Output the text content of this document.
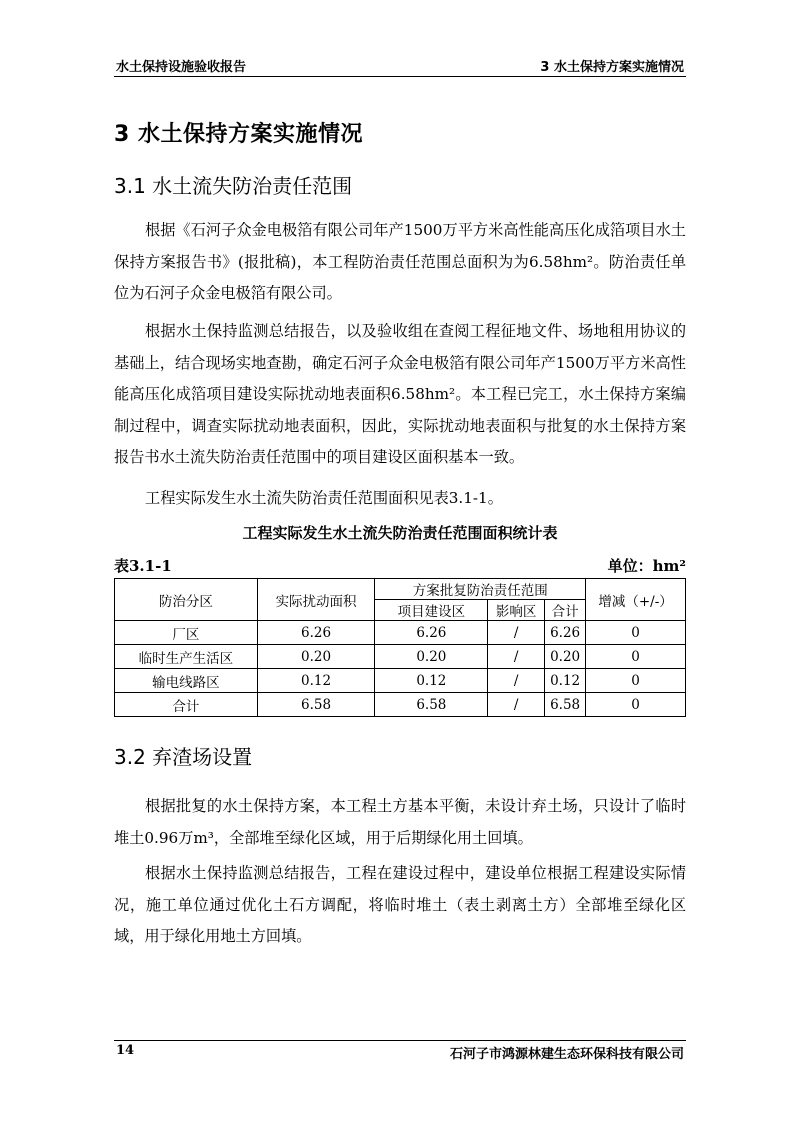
水土保持设施验收报告	3 水土保持方案实施情况
3 水土保持方案实施情况
3.1 水土流失防治责任范围

根据《石河子众金电极箔有限公司年产1500万平方米高性能高压化成箔项目水土保持方案报告书》(报批稿)，本工程防治责任范围总面积为为6.58hm²。防治责任单位为石河子众金电极箔有限公司。

根据水土保持监测总结报告，以及验收组在查阅工程征地文件、场地租用协议的基础上，结合现场实地查勘，确定石河子众金电极箔有限公司年产1500万平方米高性能高压化成箔项目建设实际扰动地表面积6.58hm²。本工程已完工，水土保持方案编制过程中，调查实际扰动地表面积，因此，实际扰动地表面积与批复的水土保持方案报告书水土流失防治责任范围中的项目建设区面积基本一致。

工程实际发生水土流失防治责任范围面积见表3.1-1。

工程实际发生水土流失防治责任范围面积统计表
表3.1-1	单位：hm²
防治分区	实际扰动面积	方案批复防治责任范围			增减（+/-）
		项目建设区	影响区	合计	
厂区	6.26	6.26	/	6.26	0
临时生产生活区	0.20	0.20	/	0.20	0
输电线路区	0.12	0.12	/	0.12	0
合计	6.58	6.58	/	6.58	0
3.2 弃渣场设置

根据批复的水土保持方案，本工程土方基本平衡，未设计弃土场，只设计了临时堆土0.96万m³，全部堆至绿化区域，用于后期绿化用土回填。

根据水土保持监测总结报告，工程在建设过程中，建设单位根据工程建设实际情况，施工单位通过优化土石方调配，将临时堆土（表土剥离土方）全部堆至绿化区域，用于绿化用地土方回填。

14	石河子市鸿源林建生态环保科技有限公司
